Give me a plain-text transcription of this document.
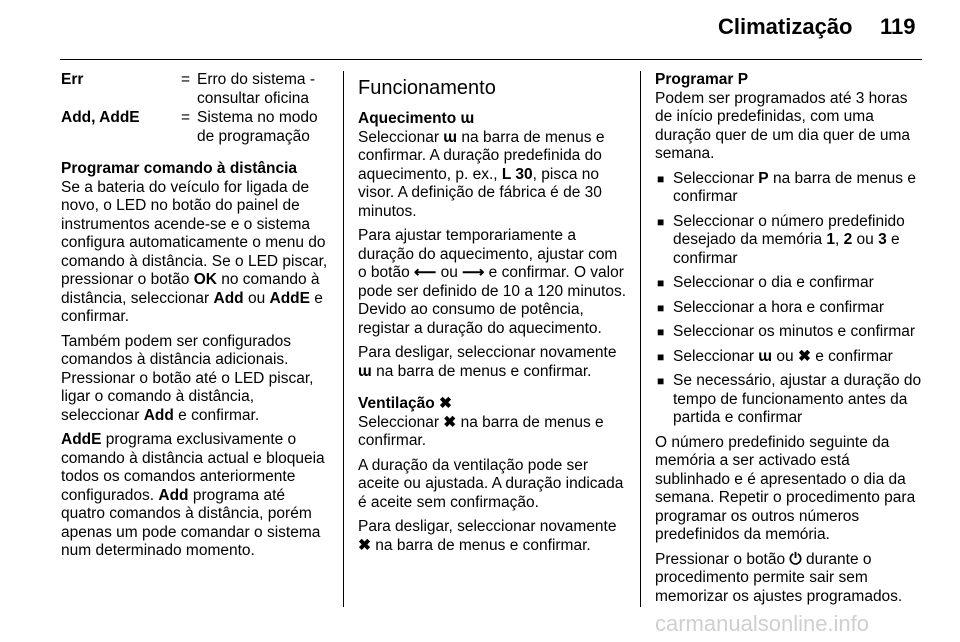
Climatização 119
Err	= Erro do sistema - consultar oficina
Add, AddE	= Sistema no modo de programação
Programar comando à distância

Se a bateria do veículo for ligada de novo, o LED no botão do painel de instrumentos acende-se e o sistema configura automaticamente o menu do comando à distância. Se o LED piscar, pressionar o botão OK no comando à distância, seleccionar Add ou AddE e confirmar.

Também podem ser configurados comandos à distância adicionais. Pressionar o botão até o LED piscar, ligar o comando à distância, seleccionar Add e confirmar.

AddE programa exclusivamente o comando à distância actual e bloqueia todos os comandos anteriormente configurados. Add programa até quatro comandos à distância, porém apenas um pode comandar o sistema num determinado momento.

Funcionamento
Aquecimento ɯ

Seleccionar ɯ na barra de menus e confirmar. A duração predefinida do aquecimento, p. ex., L 30, pisca no visor. A definição de fábrica é de 30 minutos.

Para ajustar temporariamente a duração do aquecimento, ajustar com o botão ⟵ ou ⟶ e confirmar. O valor pode ser definido de 10 a 120 minutos. Devido ao consumo de potência, registar a duração do aquecimento.

Para desligar, seleccionar novamente ɯ na barra de menus e confirmar.

Ventilação ✖

Seleccionar ✖ na barra de menus e confirmar.

A duração da ventilação pode ser aceite ou ajustada. A duração indicada é aceite sem confirmação.

Para desligar, seleccionar novamente ✖ na barra de menus e confirmar.

Programar P

Podem ser programados até 3 horas de início predefinidas, com uma duração quer de um dia quer de uma semana.

■ Seleccionar P na barra de menus e confirmar
■ Seleccionar o número predefinido desejado da memória 1, 2 ou 3 e confirmar
■ Seleccionar o dia e confirmar
■ Seleccionar a hora e confirmar
■ Seleccionar os minutos e confirmar
■ Seleccionar ɯ ou ✖ e confirmar
■ Se necessário, ajustar a duração do tempo de funcionamento antes da partida e confirmar

O número predefinido seguinte da memória a ser activado está sublinhado e é apresentado o dia da semana. Repetir o procedimento para programar os outros números predefinidos da memória.

Pressionar o botão ⏻ durante o procedimento permite sair sem memorizar os ajustes programados.

carmanualsonline.info
